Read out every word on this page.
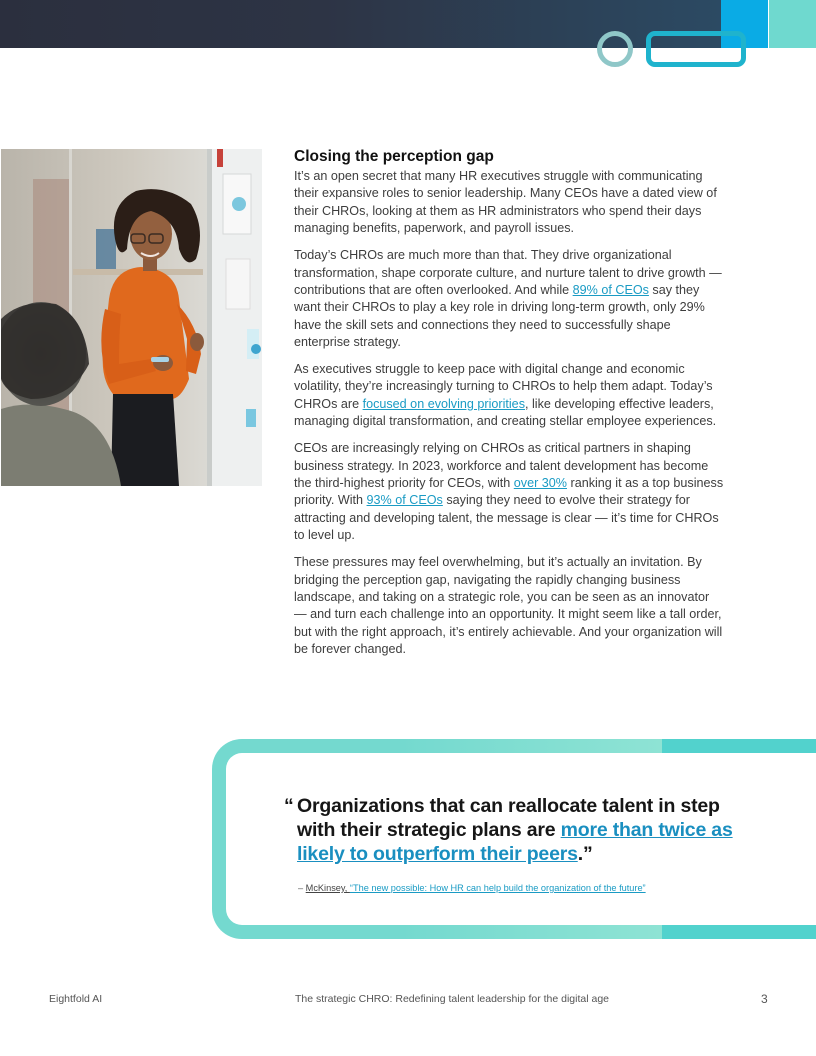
Closing the perception gap

It’s an open secret that many HR executives struggle with communicating their expansive roles to senior leadership. Many CEOs have a dated view of their CHROs, looking at them as HR administrators who spend their days managing benefits, paperwork, and payroll issues.

Today’s CHROs are much more than that. They drive organizational transformation, shape corporate culture, and nurture talent to drive growth — contributions that are often overlooked. And while 89% of CEOs say they want their CHROs to play a key role in driving long-term growth, only 29% have the skill sets and connections they need to successfully shape enterprise strategy.

As executives struggle to keep pace with digital change and economic volatility, they’re increasingly turning to CHROs to help them adapt. Today’s CHROs are focused on evolving priorities, like developing effective leaders, managing digital transformation, and creating stellar employee experiences.

CEOs are increasingly relying on CHROs as critical partners in shaping business strategy. In 2023, workforce and talent development has become the third-highest priority for CEOs, with over 30% ranking it as a top business priority. With 93% of CEOs saying they need to evolve their strategy for attracting and developing talent, the message is clear — it’s time for CHROs to level up.

These pressures may feel overwhelming, but it’s actually an invitation. By bridging the perception gap, navigating the rapidly changing business landscape, and taking on a strategic role, you can be seen as an innovator — and turn each challenge into an opportunity. It might seem like a tall order, but with the right approach, it’s entirely achievable. And your organization will be forever changed.

“ Organizations that can reallocate talent in step with their strategic plans are more than twice as likely to outperform their peers.”
– McKinsey, “The new possible: How HR can help build the organization of the future”
Eightfold AI	The strategic CHRO: Redefining talent leadership for the digital age	3
